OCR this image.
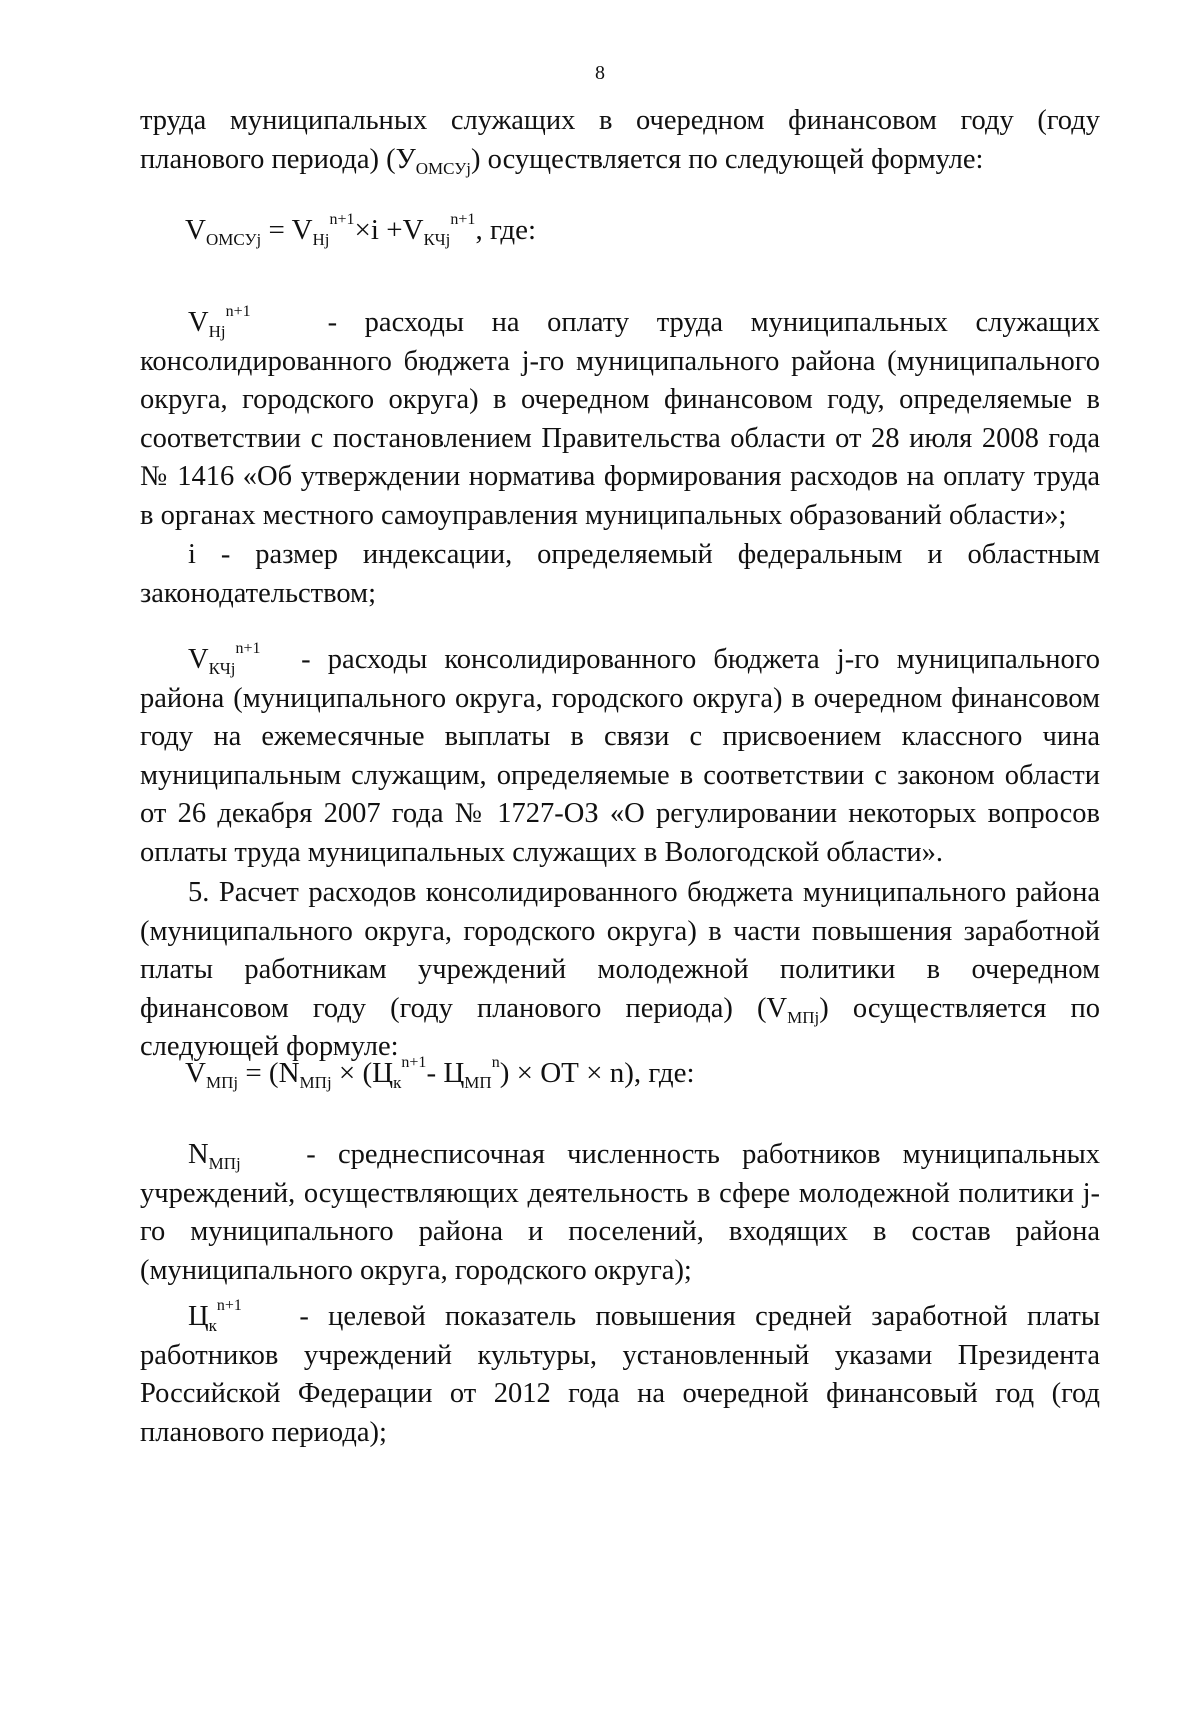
8
труда муниципальных служащих в очередном финансовом году (году планового периода) $(У_{ОМСУj})$ осуществляется по следующей формуле:
$V_{ОМСУj} = V_{Нj}^{n+1}\times i +V_{КЧj}^{n+1}$, где:
$V_{Нj}^{n+1}$	- расходы на оплату труда муниципальных служащих консолидированного бюджета j-го муниципального района (муниципального округа, городского округа) в очередном финансовом году, определяемые в соответствии с постановлением Правительства области от 28 июля 2008 года № 1416 «Об утверждении норматива формирования расходов на оплату труда в органах местного самоуправления муниципальных образований области»;
i - размер индексации, определяемый федеральным и областным законодательством;
$V_{КЧj}^{n+1}$ - расходы консолидированного бюджета j-го муниципального района (муниципального округа, городского округа) в очередном финансовом году на ежемесячные выплаты в связи с присвоением классного чина муниципальным служащим, определяемые в соответствии с законом области от 26 декабря 2007 года № 1727-ОЗ «О регулировании некоторых вопросов оплаты труда муниципальных служащих в Вологодской области».
5. Расчет расходов консолидированного бюджета муниципального района (муниципального округа, городского округа) в части повышения заработной платы работникам учреждений молодежной политики в очередном финансовом году (году планового периода) $(V_{МПj})$ осуществляется по следующей формуле:
$V_{МПj} = (N_{МПj} \times (Ц_к^{n+1}-$ $Ц_{МП}^n$) × ОТ × n), где:
$N_{МПj}$ - среднесписочная численность работников муниципальных учреждений, осуществляющих деятельность в сфере молодежной политики j-го муниципального района и поселений, входящих в состав района (муниципального округа, городского округа);
$Ц_к^{n+1}$ - целевой показатель повышения средней заработной платы работников учреждений культуры, установленный указами Президента Российской Федерации от 2012 года на очередной финансовый год (год планового периода);
